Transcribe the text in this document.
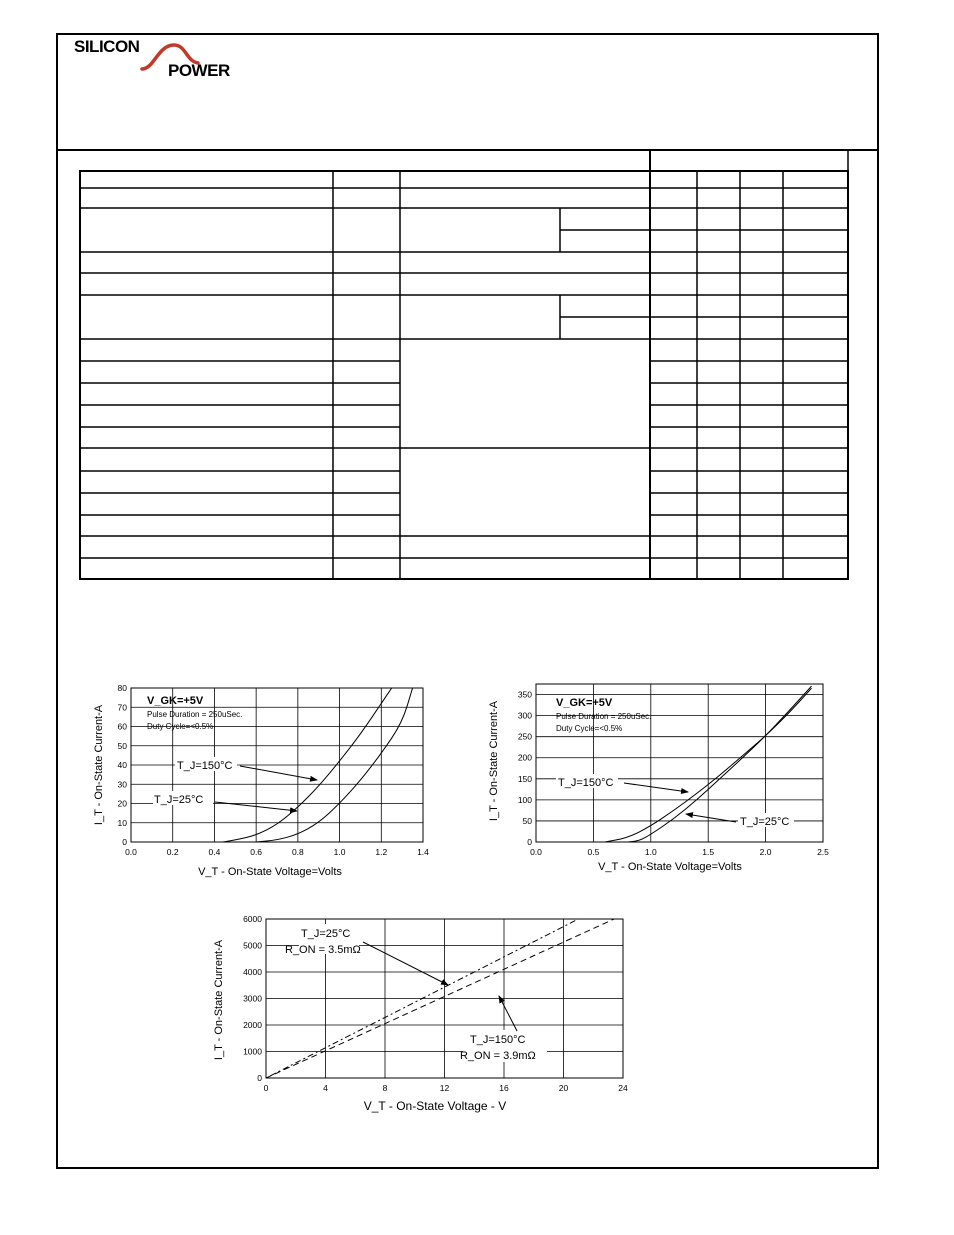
SILICON
POWER
0.0	0.2	0.4	0.6	0.8	1.0	1.2	1.4
0
10
20
30
40
50
60
70
80
V_GK=+5V
Pulse Duration = 250uSec.
Duty Cycle=<0.5%
T_J=150°C
T_J=25°C
V_T - On-State Voltage=Volts
I_T - On-State Current-A
0.0	0.5	1.0	1.5	2.0	2.5
0
50
100
150
200
250
300
350
V_GK=+5V
Pulse Duration = 250uSec.
Duty Cycle=<0.5%
T_J=150°C
T_J=25°C
V_T - On-State Voltage=Volts
I_T - On-State Current-A
0	4	8	12	16	20	24
0
1000
2000
3000
4000
5000
6000
T_J=25°C
R_ON = 3.5mΩ
T_J=150°C
R_ON = 3.9mΩ
V_T - On-State Voltage - V
I_T - On-State Current-A
